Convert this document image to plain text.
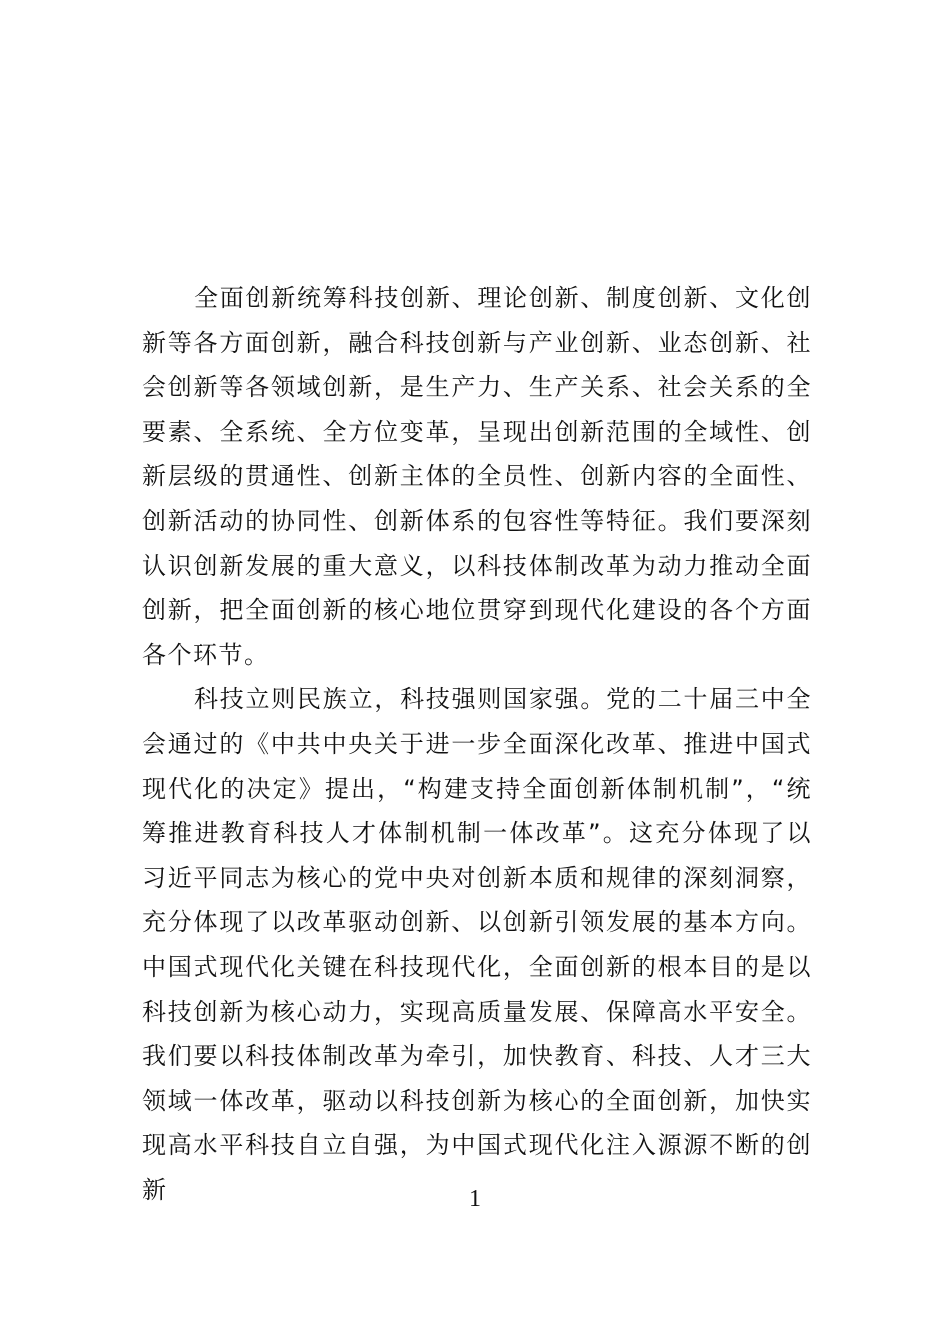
全面创新统筹科技创新、理论创新、制度创新、文化创新等各方面创新，融合科技创新与产业创新、业态创新、社会创新等各领域创新，是生产力、生产关系、社会关系的全要素、全系统、全方位变革，呈现出创新范围的全域性、创新层级的贯通性、创新主体的全员性、创新内容的全面性、创新活动的协同性、创新体系的包容性等特征。我们要深刻认识创新发展的重大意义，以科技体制改革为动力推动全面创新，把全面创新的核心地位贯穿到现代化建设的各个方面各个环节。

科技立则民族立，科技强则国家强。党的二十届三中全会通过的《中共中央关于进一步全面深化改革、推进中国式现代化的决定》提出，“构建支持全面创新体制机制”，“统筹推进教育科技人才体制机制一体改革”。这充分体现了以习近平同志为核心的党中央对创新本质和规律的深刻洞察，充分体现了以改革驱动创新、以创新引领发展的基本方向。中国式现代化关键在科技现代化，全面创新的根本目的是以科技创新为核心动力，实现高质量发展、保障高水平安全。我们要以科技体制改革为牵引，加快教育、科技、人才三大领域一体改革，驱动以科技创新为核心的全面创新，加快实现高水平科技自立自强，为中国式现代化注入源源不断的创新	1
